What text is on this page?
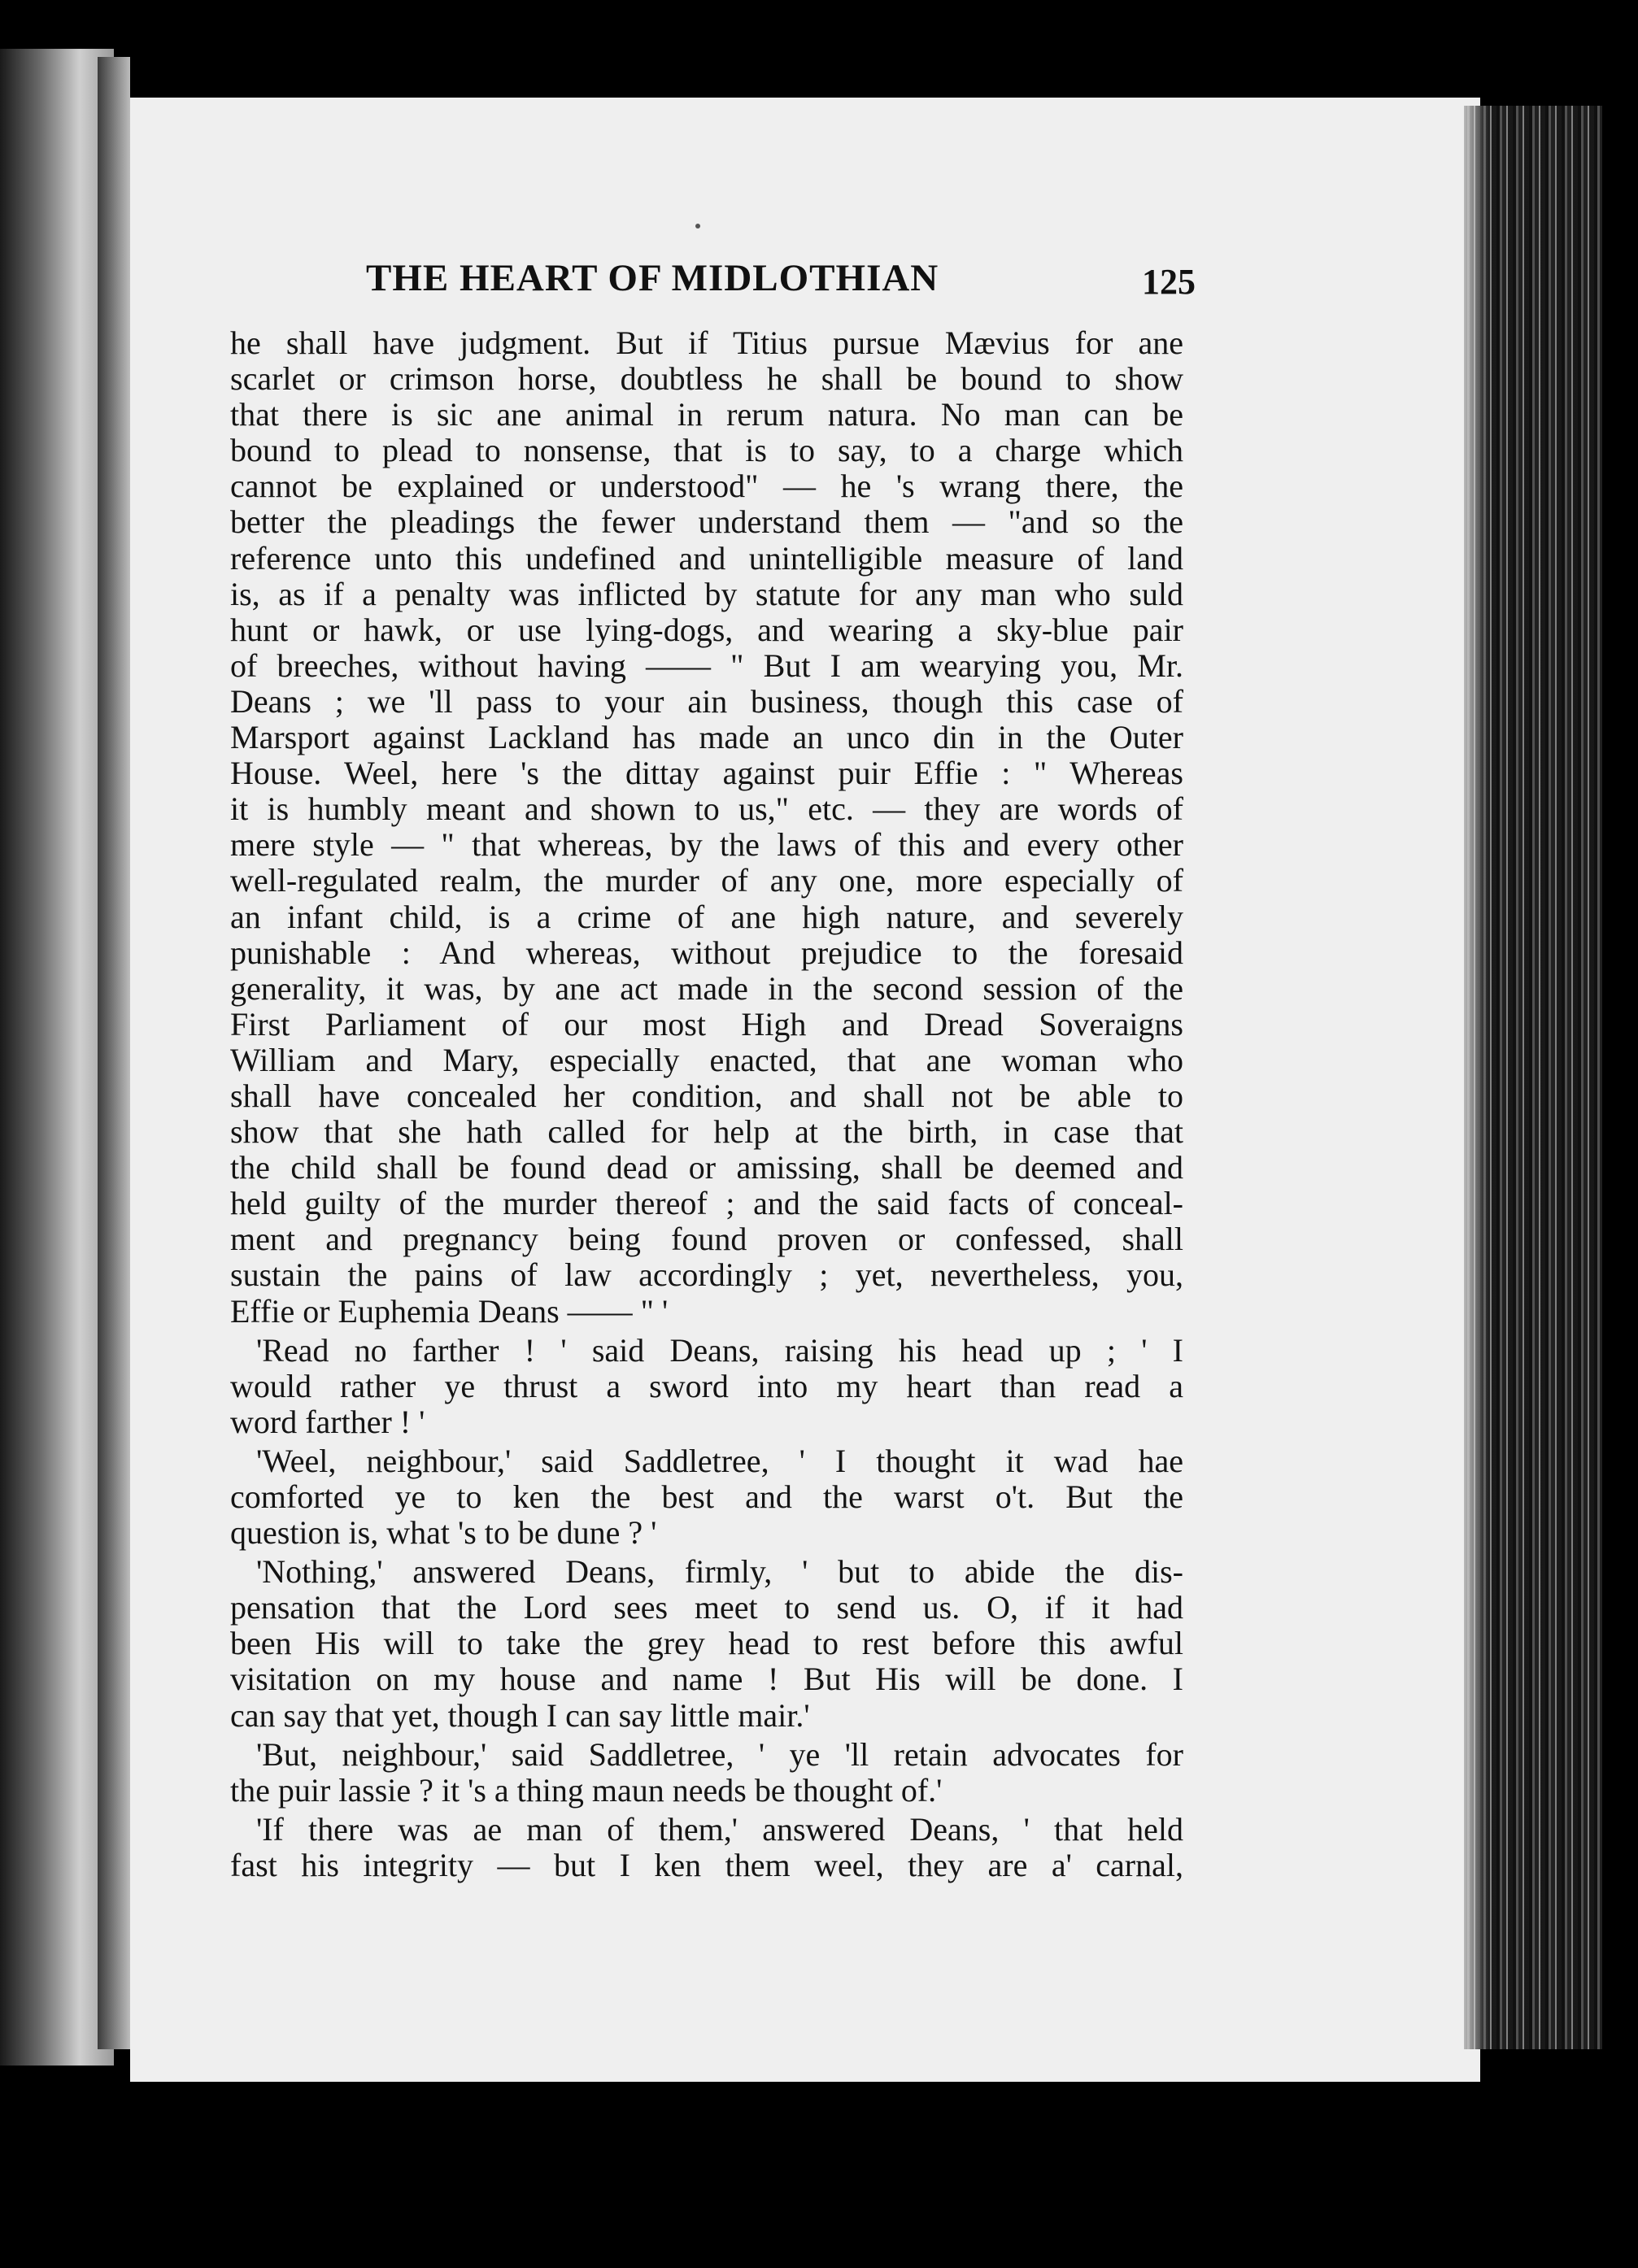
THE HEART OF MIDLOTHIAN	125
he shall have judgment. But if Titius pursue Mævius for ane
scarlet or crimson horse, doubtless he shall be bound to show
that there is sic ane animal in rerum natura. No man can be
bound to plead to nonsense, that is to say, to a charge which
cannot be explained or understood" — he 's wrang there, the
better the pleadings the fewer understand them — "and so the
reference unto this undefined and unintelligible measure of land
is, as if a penalty was inflicted by statute for any man who suld
hunt or hawk, or use lying-dogs, and wearing a sky-blue pair
of breeches, without having —— " But I am wearying you, Mr.
Deans ; we 'll pass to your ain business, though this case of
Marsport against Lackland has made an unco din in the Outer
House. Weel, here 's the dittay against puir Effie : " Whereas
it is humbly meant and shown to us," etc. — they are words of
mere style — " that whereas, by the laws of this and every other
well-regulated realm, the murder of any one, more especially of
an infant child, is a crime of ane high nature, and severely
punishable : And whereas, without prejudice to the foresaid
generality, it was, by ane act made in the second session of the
First Parliament of our most High and Dread Soveraigns
William and Mary, especially enacted, that ane woman who
shall have concealed her condition, and shall not be able to
show that she hath called for help at the birth, in case that
the child shall be found dead or amissing, shall be deemed and
held guilty of the murder thereof ; and the said facts of conceal-
ment and pregnancy being found proven or confessed, shall
sustain the pains of law accordingly ; yet, nevertheless, you,
Effie or Euphemia Deans —— " '
'Read no farther ! ' said Deans, raising his head up ; ' I
would rather ye thrust a sword into my heart than read a
word farther ! '
'Weel, neighbour,' said Saddletree, ' I thought it wad hae
comforted ye to ken the best and the warst o't. But the
question is, what 's to be dune ? '
'Nothing,' answered Deans, firmly, ' but to abide the dis-
pensation that the Lord sees meet to send us. O, if it had
been His will to take the grey head to rest before this awful
visitation on my house and name ! But His will be done. I
can say that yet, though I can say little mair.'
'But, neighbour,' said Saddletree, ' ye 'll retain advocates for
the puir lassie ? it 's a thing maun needs be thought of.'
'If there was ae man of them,' answered Deans, ' that held
fast his integrity — but I ken them weel, they are a' carnal,
